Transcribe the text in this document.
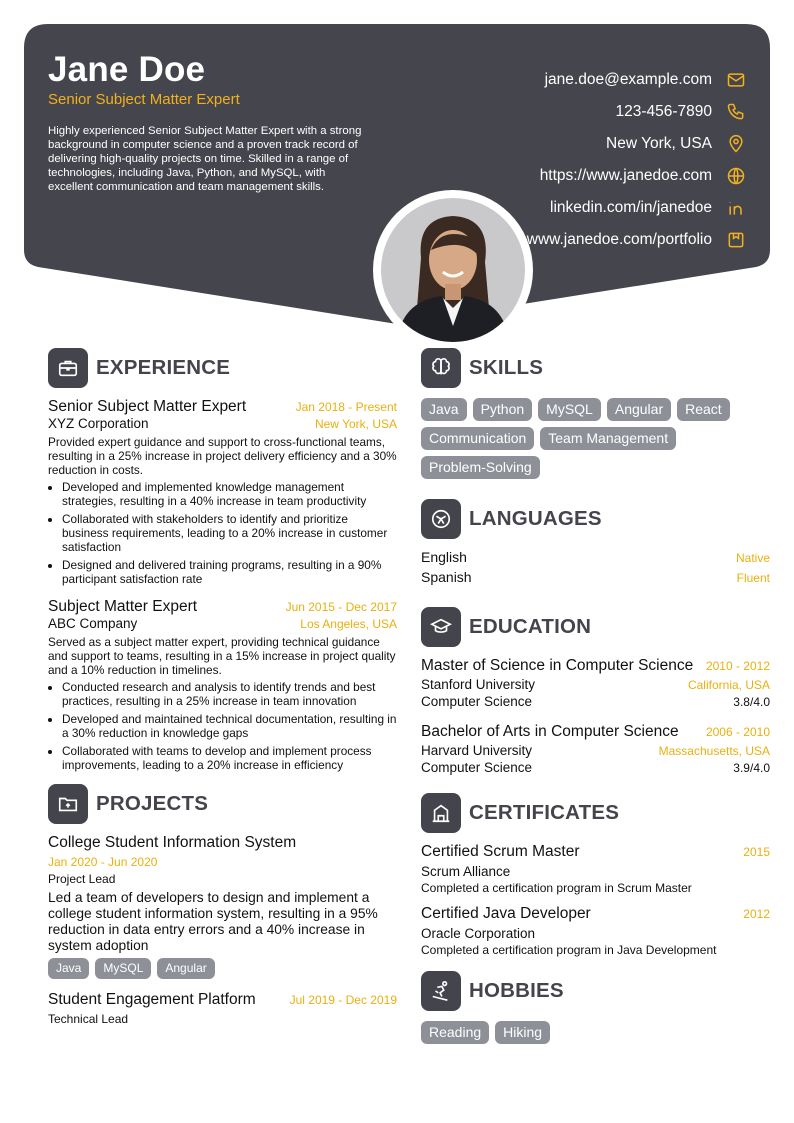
Jane Doe
Senior Subject Matter Expert
Highly experienced Senior Subject Matter Expert with a strong background in computer science and a proven track record of delivering high-quality projects on time. Skilled in a range of technologies, including Java, Python, and MySQL, with excellent communication and team management skills.
jane.doe@example.com
123-456-7890
New York, USA
https://www.janedoe.com
linkedin.com/in/janedoe
www.janedoe.com/portfolio
EXPERIENCE
Senior Subject Matter Expert	Jan 2018 - Present
XYZ Corporation	New York, USA
Provided expert guidance and support to cross-functional teams, resulting in a 25% increase in project delivery efficiency and a 30% reduction in costs.
• Developed and implemented knowledge management strategies, resulting in a 40% increase in team productivity
• Collaborated with stakeholders to identify and prioritize business requirements, leading to a 20% increase in customer satisfaction
• Designed and delivered training programs, resulting in a 90% participant satisfaction rate
Subject Matter Expert	Jun 2015 - Dec 2017
ABC Company	Los Angeles, USA
Served as a subject matter expert, providing technical guidance and support to teams, resulting in a 15% increase in project quality and a 10% reduction in timelines.
• Conducted research and analysis to identify trends and best practices, resulting in a 25% increase in team innovation
• Developed and maintained technical documentation, resulting in a 30% reduction in knowledge gaps
• Collaborated with teams to develop and implement process improvements, leading to a 20% increase in efficiency
PROJECTS
College Student Information System
Jan 2020 - Jun 2020
Project Lead
Led a team of developers to design and implement a college student information system, resulting in a 95% reduction in data entry errors and a 40% increase in system adoption
Java	MySQL	Angular
Student Engagement Platform	Jul 2019 - Dec 2019
Technical Lead
SKILLS
Java	Python	MySQL	Angular	React
Communication	Team Management
Problem-Solving
LANGUAGES
English	Native
Spanish	Fluent
EDUCATION
Master of Science in Computer Science 2010 - 2012
Stanford University	California, USA
Computer Science	3.8/4.0
Bachelor of Arts in Computer Science 2006 - 2010
Harvard University	Massachusetts, USA
Computer Science	3.9/4.0
CERTIFICATES
Certified Scrum Master	2015
Scrum Alliance
Completed a certification program in Scrum Master
Certified Java Developer	2012
Oracle Corporation
Completed a certification program in Java Development
HOBBIES
Reading	Hiking
